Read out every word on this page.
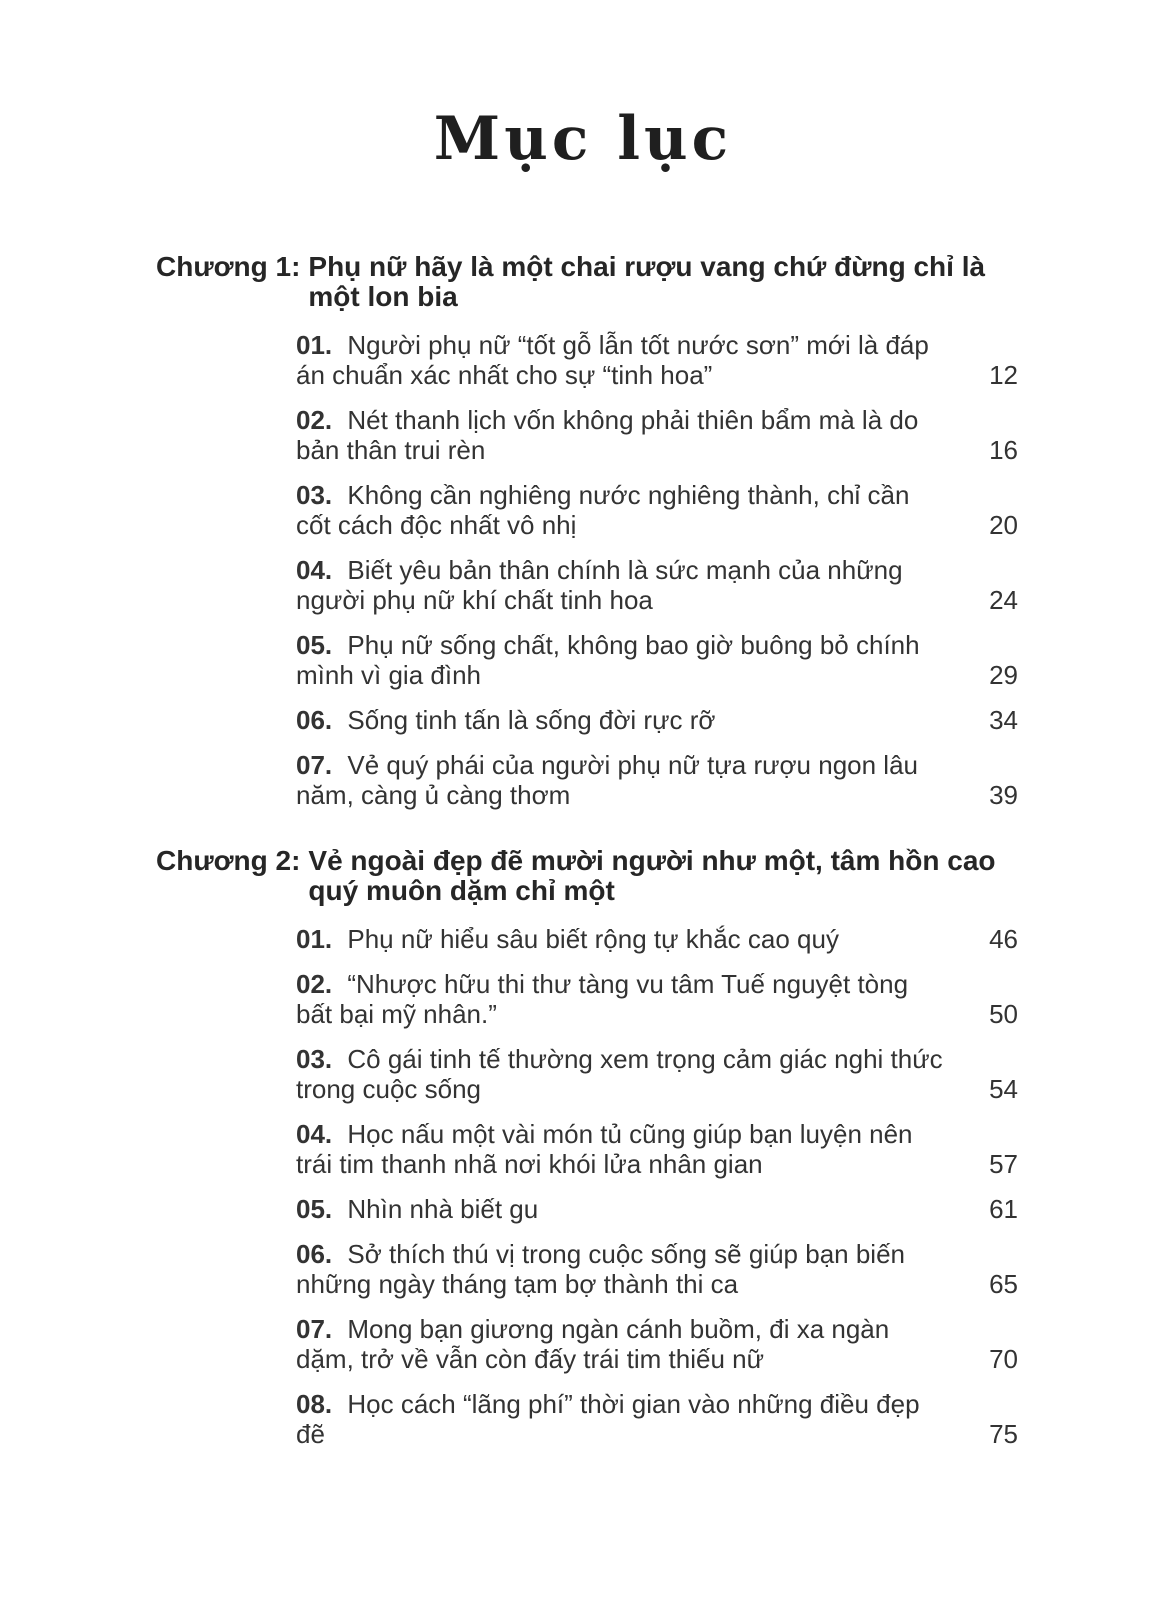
Mục lục
Chương 1: Phụ nữ hãy là một chai rượu vang chứ đừng chỉ là một lon bia
01. Người phụ nữ “tốt gỗ lẫn tốt nước sơn” mới là đáp án chuẩn xác nhất cho sự “tinh hoa”	12
02. Nét thanh lịch vốn không phải thiên bẩm mà là do bản thân trui rèn	16
03. Không cần nghiêng nước nghiêng thành, chỉ cần cốt cách độc nhất vô nhị	20
04. Biết yêu bản thân chính là sức mạnh của những người phụ nữ khí chất tinh hoa	24
05. Phụ nữ sống chất, không bao giờ buông bỏ chính mình vì gia đình	29
06. Sống tinh tấn là sống đời rực rỡ	34
07. Vẻ quý phái của người phụ nữ tựa rượu ngon lâu năm, càng ủ càng thơm	39
Chương 2: Vẻ ngoài đẹp đẽ mười người như một, tâm hồn cao quý muôn dặm chỉ một
01. Phụ nữ hiểu sâu biết rộng tự khắc cao quý	46
02. “Nhược hữu thi thư tàng vu tâm Tuế nguyệt tòng bất bại mỹ nhân.”	50
03. Cô gái tinh tế thường xem trọng cảm giác nghi thức trong cuộc sống	54
04. Học nấu một vài món tủ cũng giúp bạn luyện nên trái tim thanh nhã nơi khói lửa nhân gian	57
05. Nhìn nhà biết gu	61
06. Sở thích thú vị trong cuộc sống sẽ giúp bạn biến những ngày tháng tạm bợ thành thi ca	65
07. Mong bạn giương ngàn cánh buồm, đi xa ngàn dặm, trở về vẫn còn đấy trái tim thiếu nữ	70
08. Học cách “lãng phí” thời gian vào những điều đẹp đẽ	75
